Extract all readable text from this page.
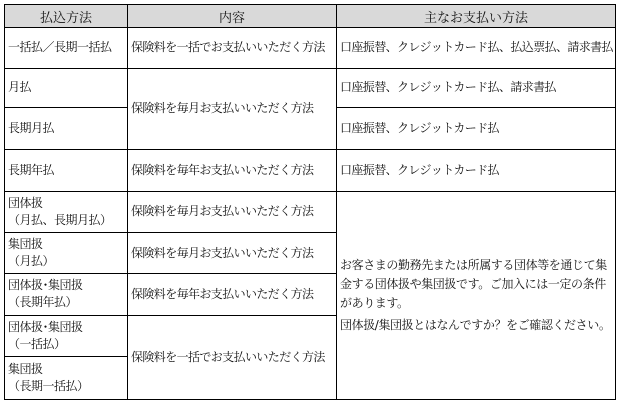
払込方法	内容	主なお支払い方法
一括払／長期一括払	保険料を一括でお支払いいただく方法	口座振替、クレジットカード払、払込票払、請求書払
月払	保険料を毎月お支払いいただく方法	口座振替、クレジットカード払、請求書払
長期月払		口座振替、クレジットカード払
長期年払	保険料を毎年お支払いいただく方法	口座振替、クレジットカード払

団体扱
（月払、長期月払）	保険料を毎月お支払いいただく方法	お客さまの勤務先または所属する団体等を通じて集金する団体扱や集団扱です。ご加入には一定の条件があります。
団体扱/集団扱とはなんですか？をご確認ください。

集団扱
（月払）	保険料を毎月お支払いいただく方法	

団体扱･集団扱
（長期年払）	保険料を毎年お支払いいただく方法	

団体扱･集団扱
（一括払）	保険料を一括でお支払いいただく方法	

集団扱
（長期一括払）		
